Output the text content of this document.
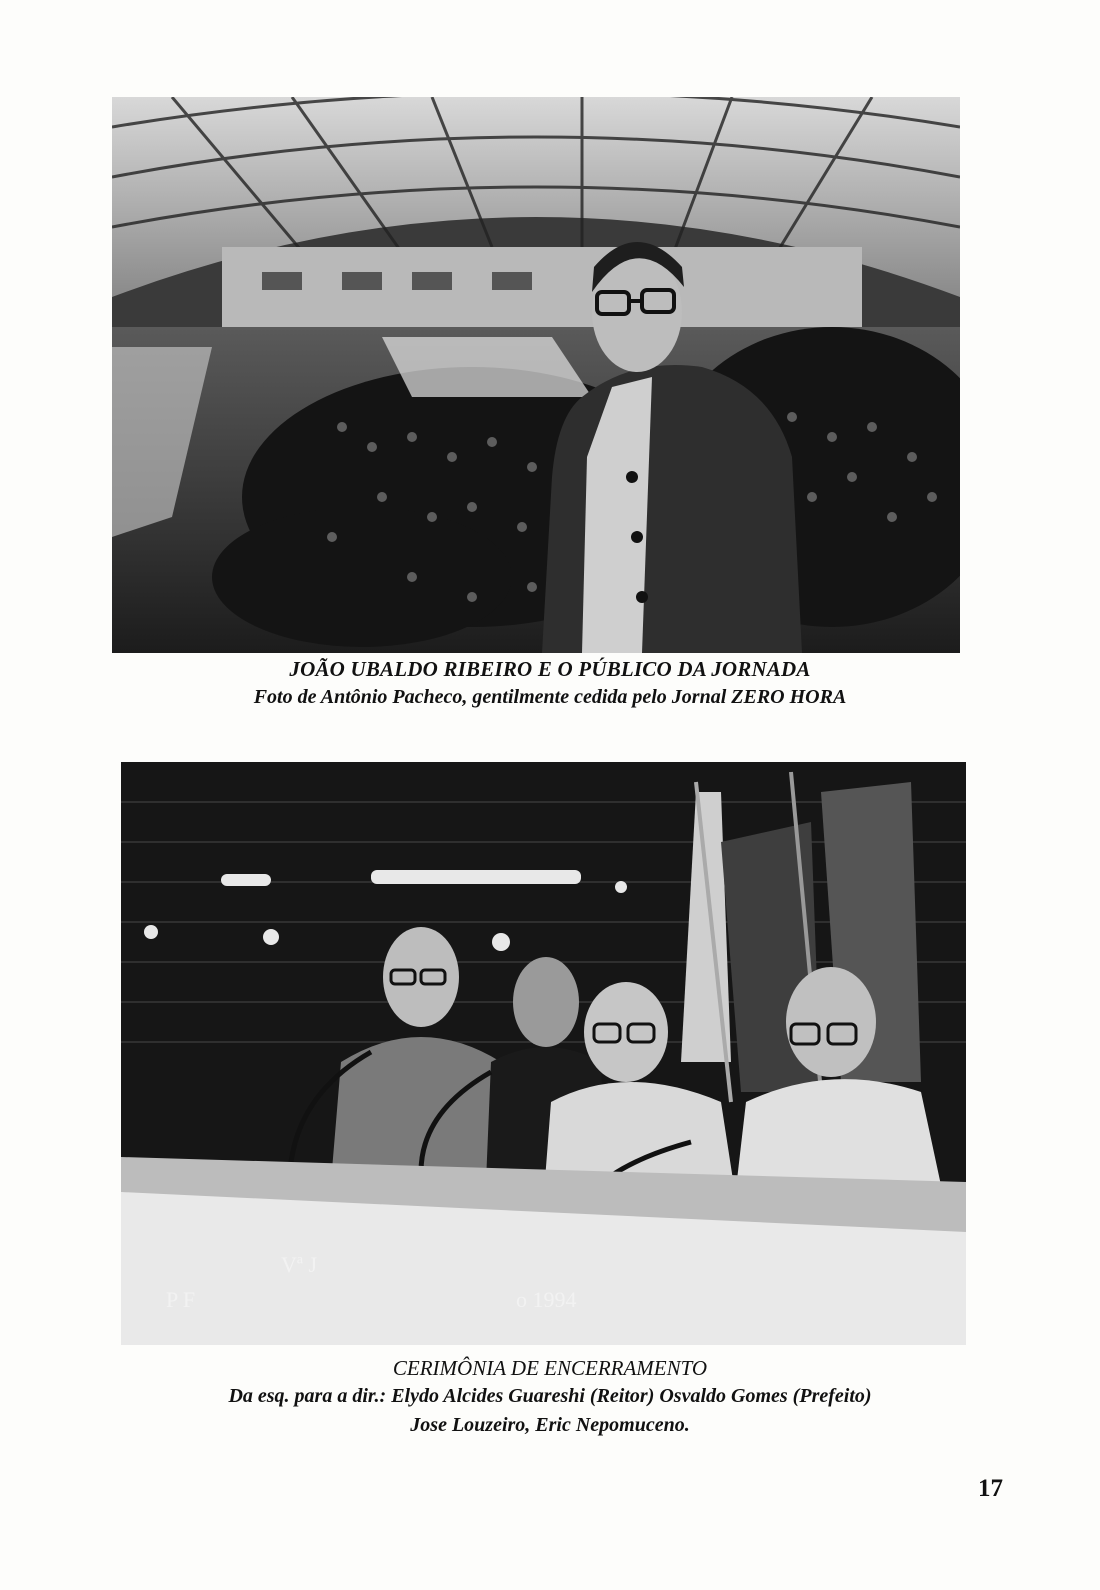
JOÃO UBALDO RIBEIRO E O PÚBLICO DA JORNADA
Foto de Antônio Pacheco, gentilmente cedida pelo Jornal ZERO HORA
Vª J
P F	o 1994
CERIMÔNIA DE ENCERRAMENTO
Da esq. para a dir.: Elydo Alcides Guareshi (Reitor) Osvaldo Gomes (Prefeito)
Jose Louzeiro, Eric Nepomuceno.
17
